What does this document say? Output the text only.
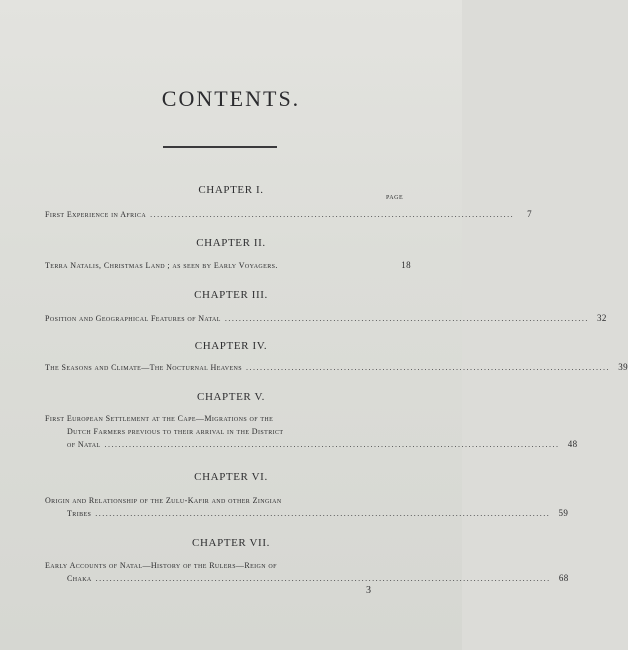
CONTENTS.
PAGE
CHAPTER I.
First Experience in Africa ........................................................................................................	7
CHAPTER II.
Terra Natalis, Christmas Land ; as seen by Early Voyagers.	18
CHAPTER III.
Position and Geographical Features of Natal ........................................................................................................ 32
CHAPTER IV.
The Seasons and Climate—The Nocturnal Heavens ........................................................................................................ 39
CHAPTER V.
First European Settlement at the Cape—Migrations of the
Dutch Farmers previous to their arrival in the District
of Natal .................................................................................................................................. 48
CHAPTER VI.
Origin and Relationship of the Zulu-Kafir and other Zingian
Tribes .................................................................................................................................. 59
CHAPTER VII.
Early Accounts of Natal—History of the Rulers—Reign of
Chaka .................................................................................................................................. 68
3
